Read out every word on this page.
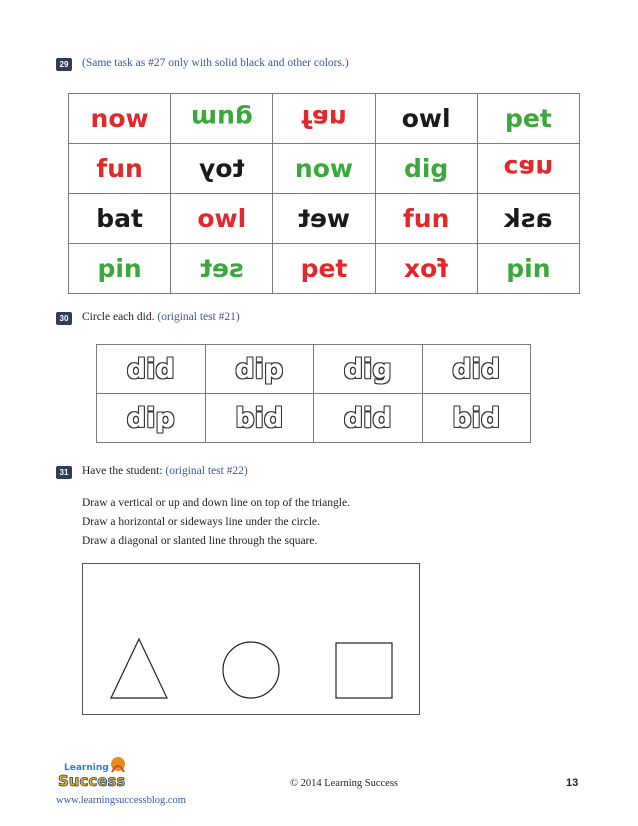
29	(Same task as #27 only with solid black and other colors.)
now	gum	fan	owl	pet
fun	toy	now	dig	can
bat	owl	wet	fun	ask
pin	set	pet	fox	pin
30	Circle each did. (original test #21)
did	dip	dig	did
dip	bid	did	bid
31	Have the student: (original test #22)
Draw a vertical or up and down line on top of the triangle.
Draw a horizontal or sideways line under the circle.
Draw a diagonal or slanted line through the square.
Learning
Success
www.learningsuccessblog.com
© 2014 Learning Success	13
